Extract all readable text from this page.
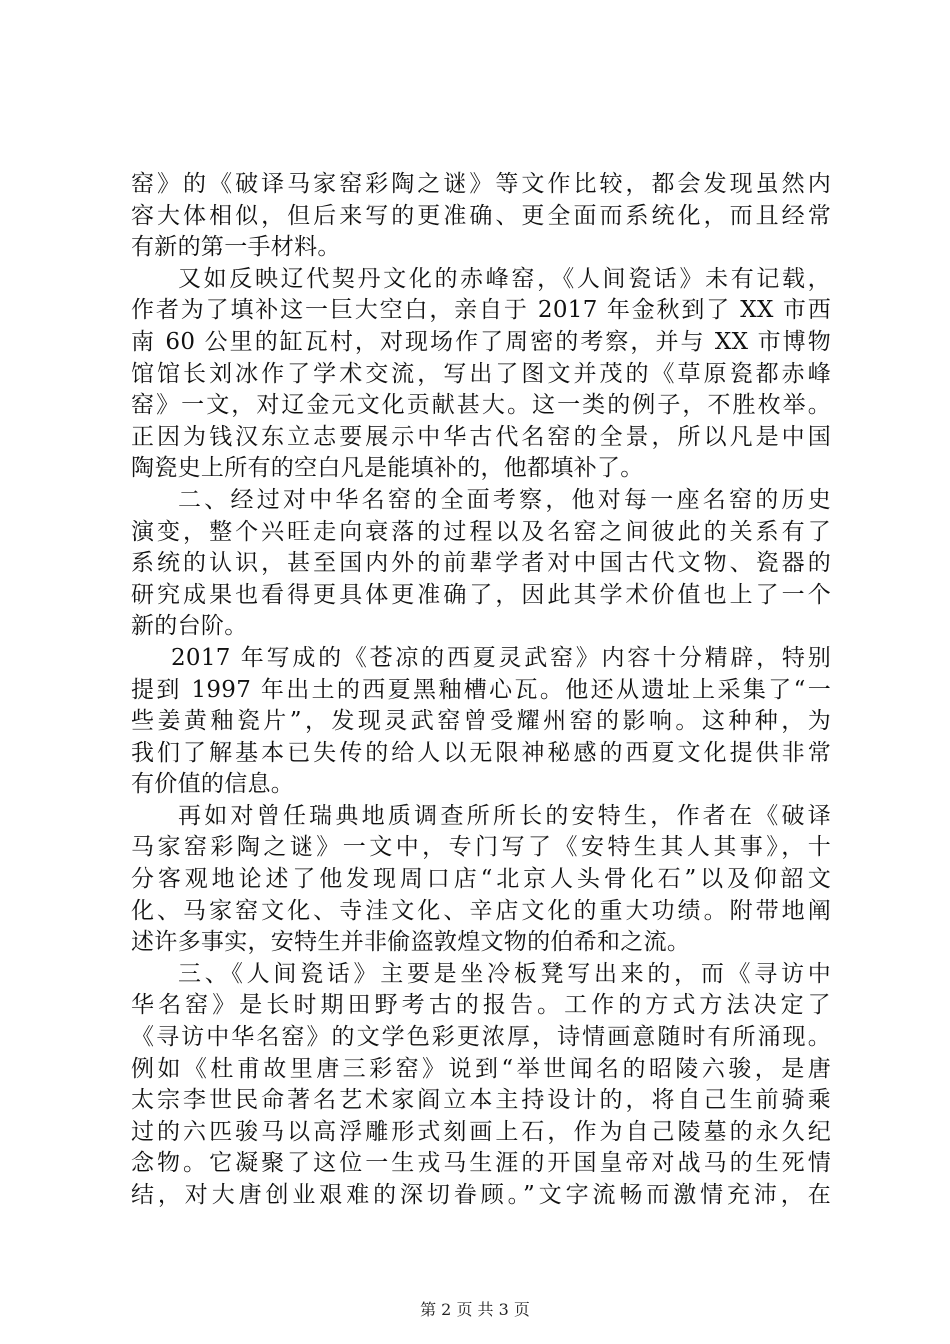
窑》的《破译马家窑彩陶之谜》等文作比较，都会发现虽然内
容大体相似，但后来写的更准确、更全面而系统化，而且经常
有新的第一手材料。
又如反映辽代契丹文化的赤峰窑，《人间瓷话》未有记载，
作者为了填补这一巨大空白，亲自于 2017 年金秋到了 XX 市西
南 60 公里的缸瓦村，对现场作了周密的考察，并与 XX 市博物
馆馆长刘冰作了学术交流，写出了图文并茂的《草原瓷都赤峰
窑》一文，对辽金元文化贡献甚大。这一类的例子，不胜枚举。
正因为钱汉东立志要展示中华古代名窑的全景，所以凡是中国
陶瓷史上所有的空白凡是能填补的，他都填补了。
二、经过对中华名窑的全面考察，他对每一座名窑的历史
演变，整个兴旺走向衰落的过程以及名窑之间彼此的关系有了
系统的认识，甚至国内外的前辈学者对中国古代文物、瓷器的
研究成果也看得更具体更准确了，因此其学术价值也上了一个
新的台阶。
2017 年写成的《苍凉的西夏灵武窑》内容十分精辟，特别
提到 1997 年出土的西夏黑釉槽心瓦。他还从遗址上采集了“一
些姜黄釉瓷片”，发现灵武窑曾受耀州窑的影响。这种种，为
我们了解基本已失传的给人以无限神秘感的西夏文化提供非常
有价值的信息。
再如对曾任瑞典地质调查所所长的安特生，作者在《破译
马家窑彩陶之谜》一文中，专门写了《安特生其人其事》，十
分客观地论述了他发现周口店“北京人头骨化石”以及仰韶文
化、马家窑文化、寺洼文化、辛店文化的重大功绩。附带地阐
述许多事实，安特生并非偷盗敦煌文物的伯希和之流。
三、《人间瓷话》主要是坐冷板凳写出来的，而《寻访中
华名窑》是长时期田野考古的报告。工作的方式方法决定了
《寻访中华名窑》的文学色彩更浓厚，诗情画意随时有所涌现。
例如《杜甫故里唐三彩窑》说到“举世闻名的昭陵六骏，是唐
太宗李世民命著名艺术家阎立本主持设计的，将自己生前骑乘
过的六匹骏马以高浮雕形式刻画上石，作为自己陵墓的永久纪
念物。它凝聚了这位一生戎马生涯的开国皇帝对战马的生死情
结，对大唐创业艰难的深切眷顾。”文字流畅而激情充沛，在
第 2 页 共 3 页
